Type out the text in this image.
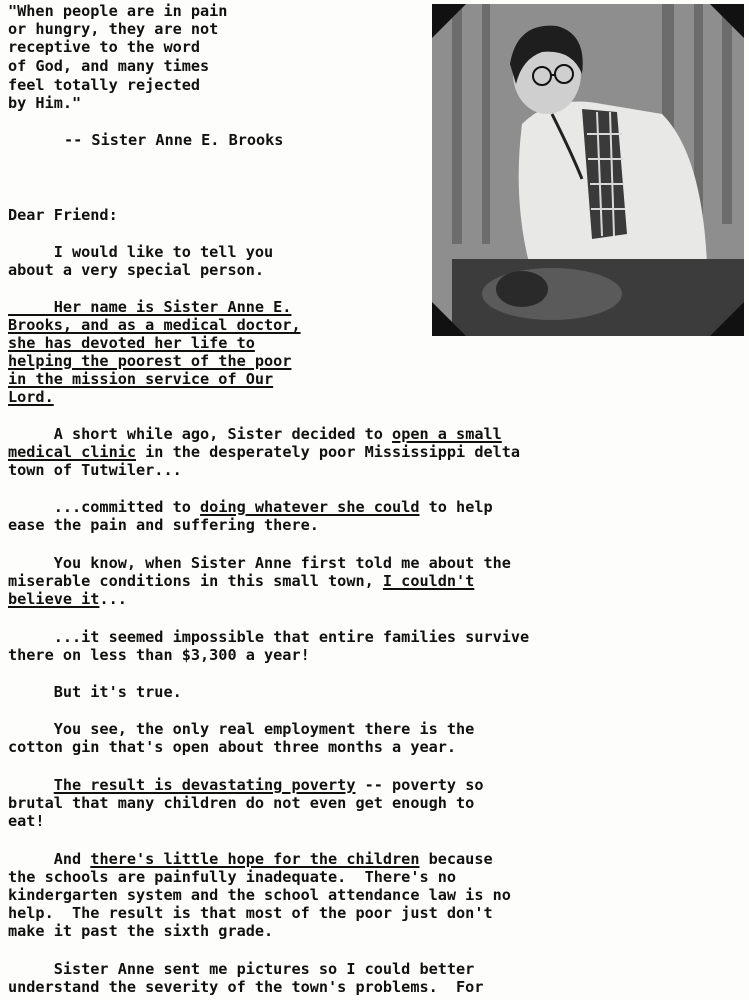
"When people are in pain
or hungry, they are not
receptive to the word
of God, and many times
feel totally rejected
by Him."
-- Sister Anne E. Brooks
Dear Friend:
I would like to tell you
about a very special person.
Her name is Sister Anne E.
Brooks, and as a medical doctor,
she has devoted her life to
helping the poorest of the poor
in the mission service of Our
Lord.
A short while ago, Sister decided to open a small
medical clinic in the desperately poor Mississippi delta
town of Tutwiler...
...committed to doing whatever she could to help
ease the pain and suffering there.
You know, when Sister Anne first told me about the
miserable conditions in this small town, I couldn't
believe it...
...it seemed impossible that entire families survive
there on less than $3,300 a year!
But it's true.
You see, the only real employment there is the
cotton gin that's open about three months a year.
The result is devastating poverty -- poverty so
brutal that many children do not even get enough to
eat!
And there's little hope for the children because
the schools are painfully inadequate.  There's no
kindergarten system and the school attendance law is no
help.  The result is that most of the poor just don't
make it past the sixth grade.
Sister Anne sent me pictures so I could better
understand the severity of the town's problems.  For
